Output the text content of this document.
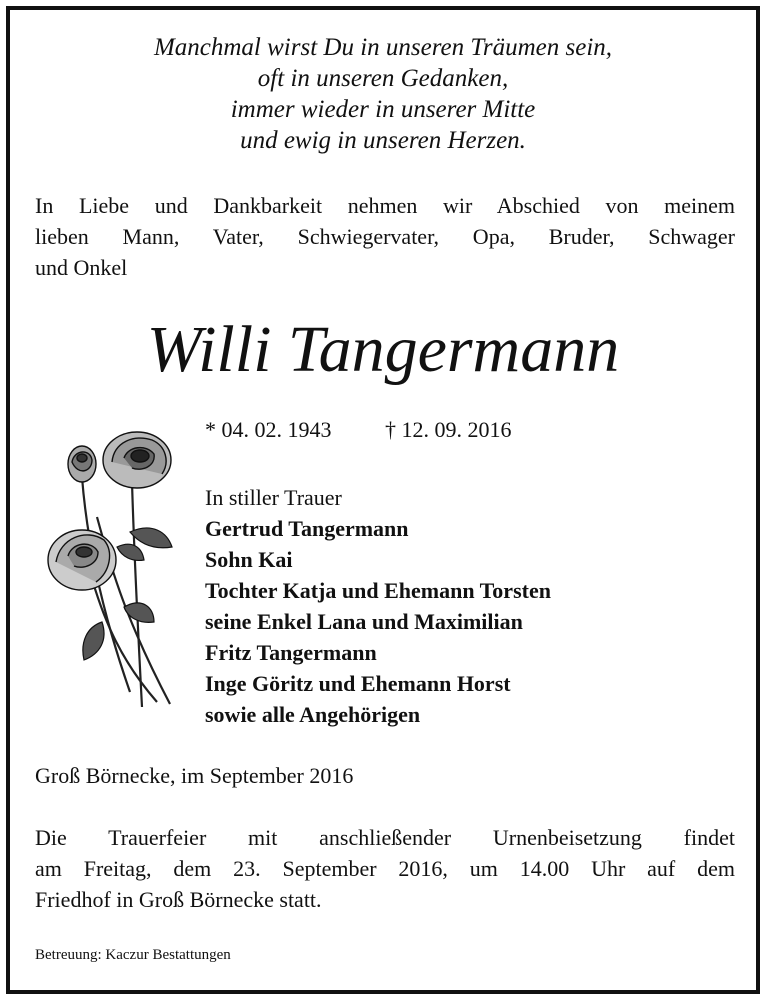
Manchmal wirst Du in unseren Träumen sein,
oft in unseren Gedanken,
immer wieder in unserer Mitte
und ewig in unseren Herzen.
In Liebe und Dankbarkeit nehmen wir Abschied von meinem
lieben Mann, Vater, Schwiegervater, Opa, Bruder, Schwager
und Onkel
Willi Tangermann
* 04. 02. 1943 † 12. 09. 2016
In stiller Trauer
Gertrud Tangermann
Sohn Kai
Tochter Katja und Ehemann Torsten
seine Enkel Lana und Maximilian
Fritz Tangermann
Inge Göritz und Ehemann Horst
sowie alle Angehörigen
Groß Börnecke, im September 2016
Die Trauerfeier mit anschließender Urnenbeisetzung findet
am Freitag, dem 23. September 2016, um 14.00 Uhr auf dem
Friedhof in Groß Börnecke statt.
Betreuung: Kaczur Bestattungen
